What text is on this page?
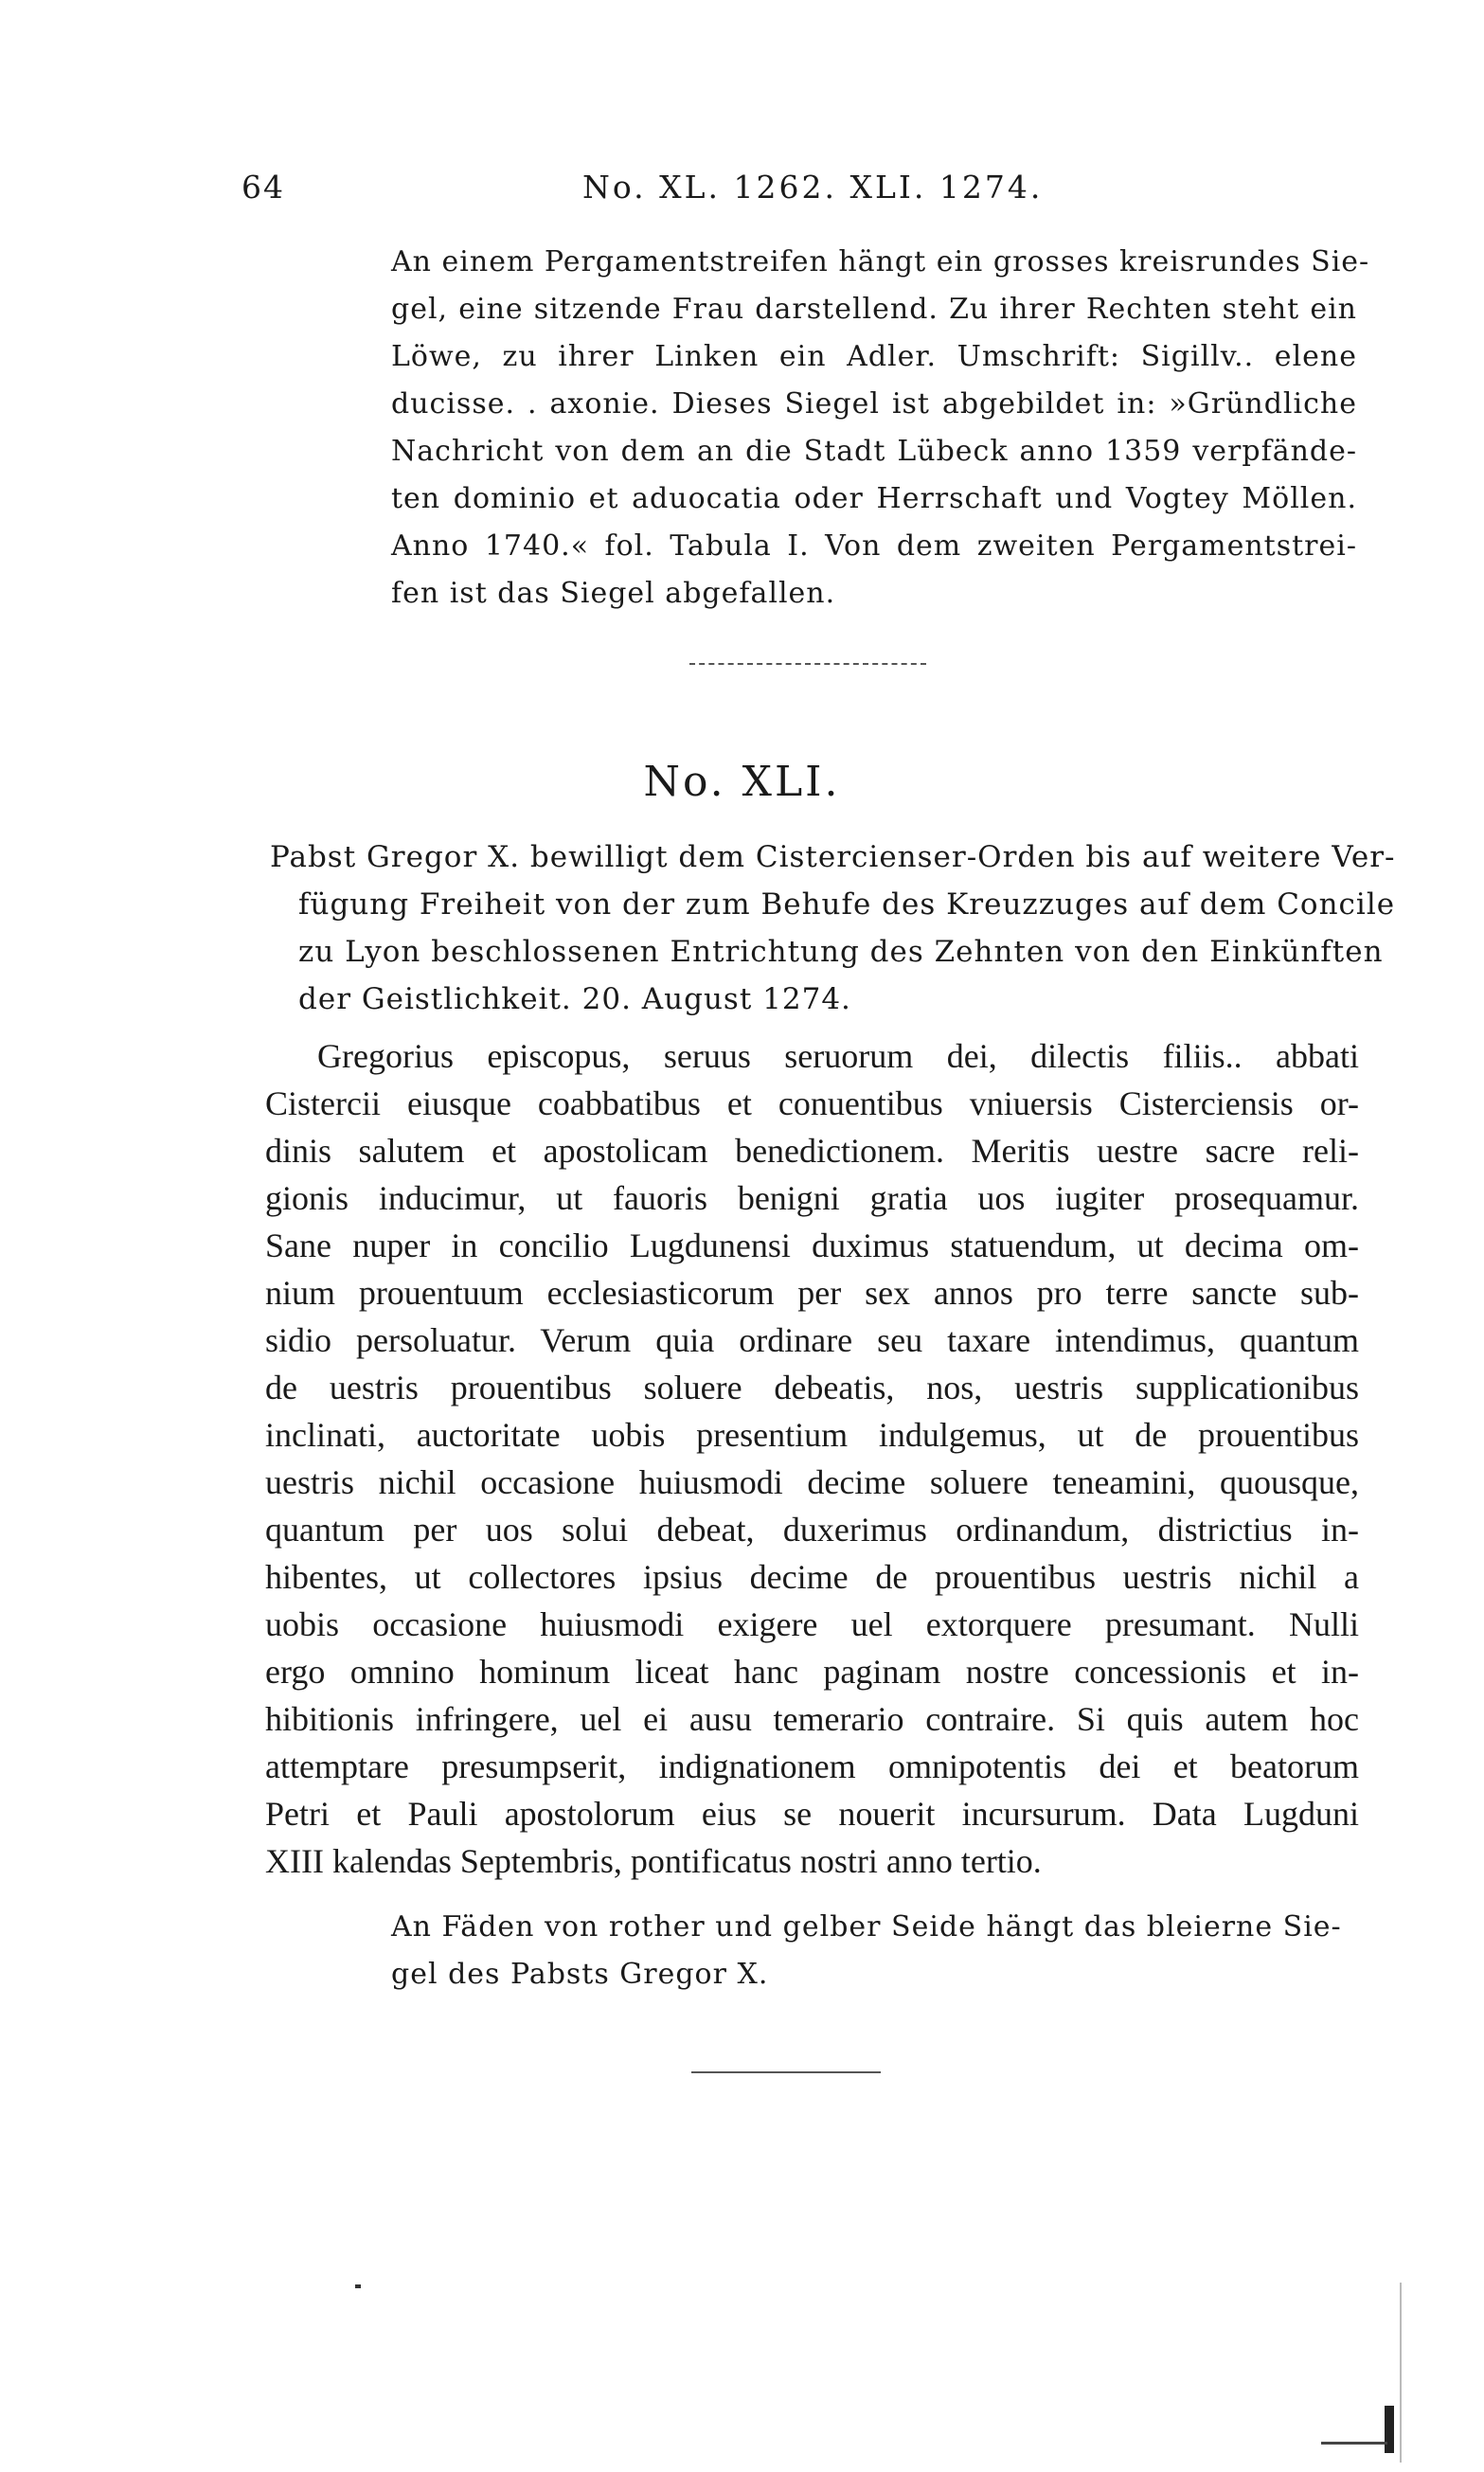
64	No. XL. 1262. XLI. 1274.
An einem Pergamentstreifen hängt ein grosses kreisrundes Sie-
gel, eine sitzende Frau darstellend. Zu ihrer Rechten steht ein
Löwe, zu ihrer Linken ein Adler. Umschrift: Sigillv.. elene
ducisse. . axonie. Dieses Siegel ist abgebildet in: »Gründliche
Nachricht von dem an die Stadt Lübeck anno 1359 verpfände-
ten dominio et aduocatia oder Herrschaft und Vogtey Möllen.
Anno 1740.« fol. Tabula I. Von dem zweiten Pergamentstrei-
fen ist das Siegel abgefallen.
No. XLI.
Pabst Gregor X. bewilligt dem Cistercienser-Orden bis auf weitere Ver-
fügung Freiheit von der zum Behufe des Kreuzzuges auf dem Concile
zu Lyon beschlossenen Entrichtung des Zehnten von den Einkünften
der Geistlichkeit. 20. August 1274.
Gregorius episcopus, seruus seruorum dei, dilectis filiis.. abbati
Cistercii eiusque coabbatibus et conuentibus vniuersis Cisterciensis or-
dinis salutem et apostolicam benedictionem. Meritis uestre sacre reli-
gionis inducimur, ut fauoris benigni gratia uos iugiter prosequamur.
Sane nuper in concilio Lugdunensi duximus statuendum, ut decima om-
nium prouentuum ecclesiasticorum per sex annos pro terre sancte sub-
sidio persoluatur. Verum quia ordinare seu taxare intendimus, quantum
de uestris prouentibus soluere debeatis, nos, uestris supplicationibus
inclinati, auctoritate uobis presentium indulgemus, ut de prouentibus
uestris nichil occasione huiusmodi decime soluere teneamini, quousque,
quantum per uos solui debeat, duxerimus ordinandum, districtius in-
hibentes, ut collectores ipsius decime de prouentibus uestris nichil a
uobis occasione huiusmodi exigere uel extorquere presumant. Nulli
ergo omnino hominum liceat hanc paginam nostre concessionis et in-
hibitionis infringere, uel ei ausu temerario contraire. Si quis autem hoc
attemptare presumpserit, indignationem omnipotentis dei et beatorum
Petri et Pauli apostolorum eius se nouerit incursurum. Data Lugduni
XIII kalendas Septembris, pontificatus nostri anno tertio.
An Fäden von rother und gelber Seide hängt das bleierne Sie-
gel des Pabsts Gregor X.
